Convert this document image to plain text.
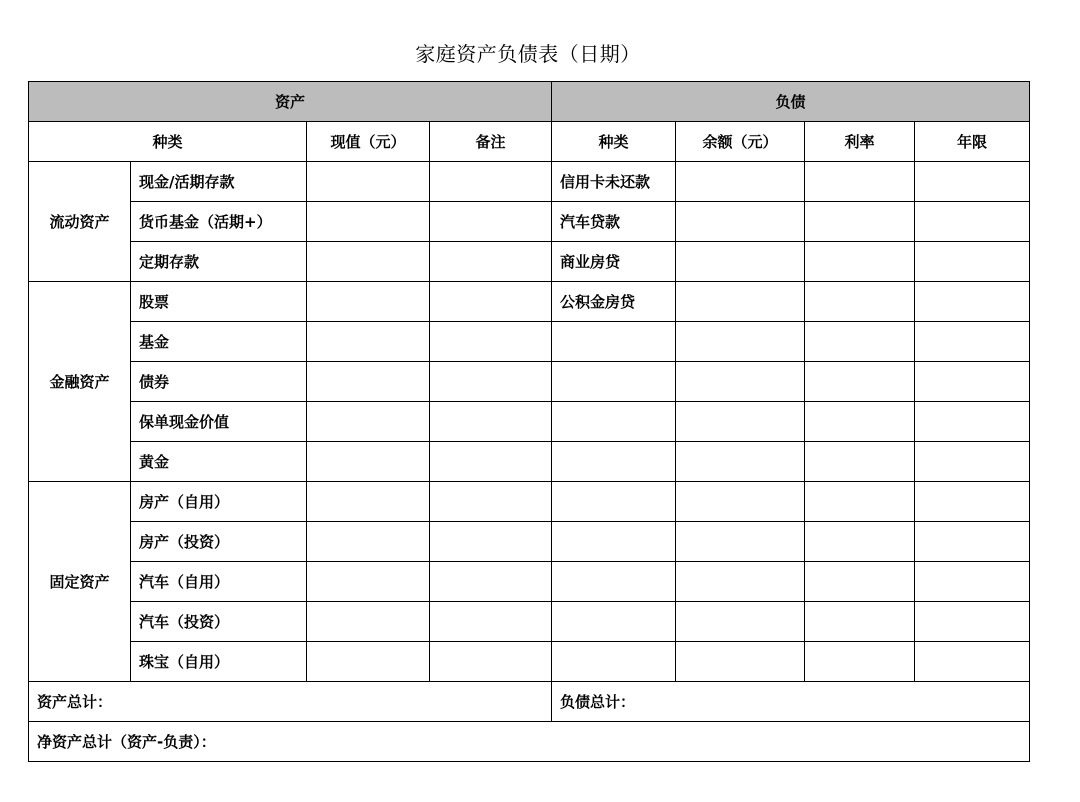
家庭资产负债表（日期）
资产				负债			
种类		现值（元）	备注	种类	余额（元）	利率	年限
流动资产	现金/活期存款			信用卡未还款			
	货币基金（活期+）			汽车贷款			
	定期存款			商业房贷			
金融资产	股票			公积金房贷			
	基金						
	债券						
	保单现金价值						
	黄金						
固定资产	房产（自用）						
	房产（投资）						
	汽车（自用）						
	汽车（投资）						
	珠宝（自用）						
资产总计：				负债总计：			
净资产总计（资产-负责）：							
